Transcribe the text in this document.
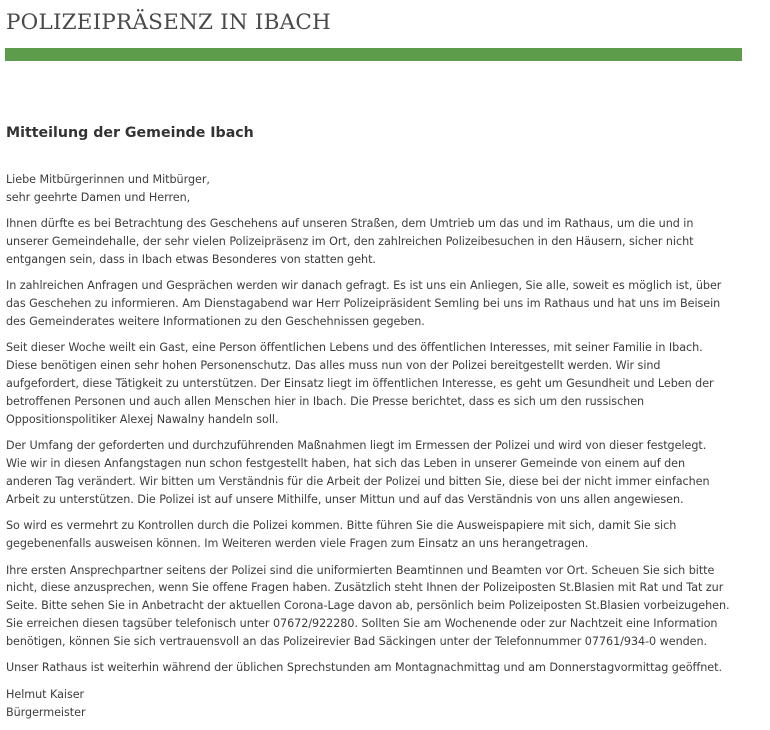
POLIZEIPRÄSENZ IN IBACH
Mitteilung der Gemeinde Ibach

Liebe Mitbürgerinnen und Mitbürger,
sehr geehrte Damen und Herren,

Ihnen dürfte es bei Betrachtung des Geschehens auf unseren Straßen, dem Umtrieb um das und im Rathaus, um die und in
unserer Gemeindehalle, der sehr vielen Polizeipräsenz im Ort, den zahlreichen Polizeibesuchen in den Häusern, sicher nicht
entgangen sein, dass in Ibach etwas Besonderes von statten geht.

In zahlreichen Anfragen und Gesprächen werden wir danach gefragt. Es ist uns ein Anliegen, Sie alle, soweit es möglich ist, über
das Geschehen zu informieren. Am Dienstagabend war Herr Polizeipräsident Semling bei uns im Rathaus und hat uns im Beisein
des Gemeinderates weitere Informationen zu den Geschehnissen gegeben.

Seit dieser Woche weilt ein Gast, eine Person öffentlichen Lebens und des öffentlichen Interesses, mit seiner Familie in Ibach.
Diese benötigen einen sehr hohen Personenschutz. Das alles muss nun von der Polizei bereitgestellt werden. Wir sind
aufgefordert, diese Tätigkeit zu unterstützen. Der Einsatz liegt im öffentlichen Interesse, es geht um Gesundheit und Leben der
betroffenen Personen und auch allen Menschen hier in Ibach. Die Presse berichtet, dass es sich um den russischen
Oppositionspolitiker Alexej Nawalny handeln soll.

Der Umfang der geforderten und durchzuführenden Maßnahmen liegt im Ermessen der Polizei und wird von dieser festgelegt.
Wie wir in diesen Anfangstagen nun schon festgestellt haben, hat sich das Leben in unserer Gemeinde von einem auf den
anderen Tag verändert. Wir bitten um Verständnis für die Arbeit der Polizei und bitten Sie, diese bei der nicht immer einfachen
Arbeit zu unterstützen. Die Polizei ist auf unsere Mithilfe, unser Mittun und auf das Verständnis von uns allen angewiesen.

So wird es vermehrt zu Kontrollen durch die Polizei kommen. Bitte führen Sie die Ausweispapiere mit sich, damit Sie sich
gegebenenfalls ausweisen können. Im Weiteren werden viele Fragen zum Einsatz an uns herangetragen.

Ihre ersten Ansprechpartner seitens der Polizei sind die uniformierten Beamtinnen und Beamten vor Ort. Scheuen Sie sich bitte
nicht, diese anzusprechen, wenn Sie offene Fragen haben. Zusätzlich steht Ihnen der Polizeiposten St.Blasien mit Rat und Tat zur
Seite. Bitte sehen Sie in Anbetracht der aktuellen Corona-Lage davon ab, persönlich beim Polizeiposten St.Blasien vorbeizugehen.
Sie erreichen diesen tagsüber telefonisch unter 07672/922280. Sollten Sie am Wochenende oder zur Nachtzeit eine Information
benötigen, können Sie sich vertrauensvoll an das Polizeirevier Bad Säckingen unter der Telefonnummer 07761/934-0 wenden.

Unser Rathaus ist weiterhin während der üblichen Sprechstunden am Montagnachmittag und am Donnerstagvormittag geöffnet.

Helmut Kaiser
Bürgermeister
